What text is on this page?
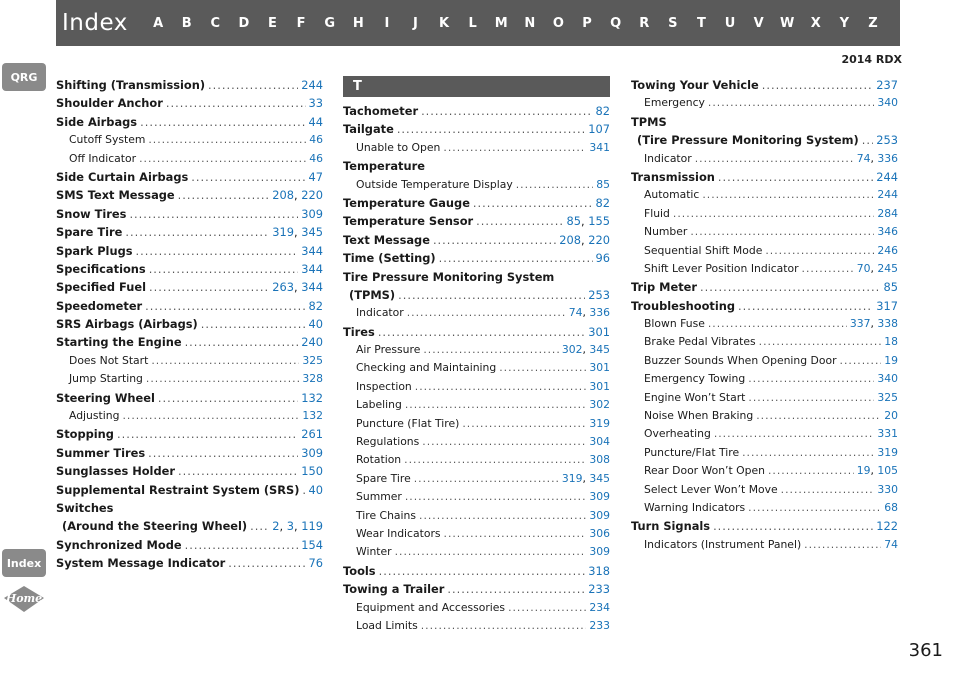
Index	A	B	C	D	E	F	G	H	I	J	K	L	M	N	O	P	Q	R	S	T	U	V	W	X	Y	Z
2014 RDX
QRG
Index
Home
Shifting (Transmission) .....	244
Shoulder Anchor .....	33
Side Airbags .....	44
Cutoff System .....	46
Off Indicator .....	46
Side Curtain Airbags .....	47
SMS Text Message .....	208, 220
Snow Tires .....	309
Spare Tire .....	319, 345
Spark Plugs .....	344
Specifications .....	344
Specified Fuel .....	263, 344
Speedometer .....	82
SRS Airbags (Airbags) .....	40
Starting the Engine .....	240
Does Not Start .....	325
Jump Starting .....	328
Steering Wheel .....	132
Adjusting .....	132
Stopping .....	261
Summer Tires .....	309
Sunglasses Holder .....	150
Supplemental Restraint System (SRS) ..... 40
Switches
(Around the Steering Wheel) ..... 2, 3, 119
Synchronized Mode .....	154
System Message Indicator .....	76
T
Tachometer .....	82
Tailgate .....	107
Unable to Open .....	341
Temperature
Outside Temperature Display .....	85
Temperature Gauge .....	82
Temperature Sensor .....	85, 155
Text Message .....	208, 220
Time (Setting) .....	96
Tire Pressure Monitoring System
(TPMS) .....	253
Indicator .....	74, 336
Tires .....	301
Air Pressure .....	302, 345
Checking and Maintaining .....	301
Inspection .....	301
Labeling .....	302
Puncture (Flat Tire) .....	319
Regulations .....	304
Rotation .....	308
Spare Tire .....	319, 345
Summer .....	309
Tire Chains .....	309
Wear Indicators .....	306
Winter .....	309
Tools .....	318
Towing a Trailer .....	233
Equipment and Accessories .....	234
Load Limits .....	233
Towing Your Vehicle .....	237
Emergency .....	340
TPMS
(Tire Pressure Monitoring System) ..... 253
Indicator .....	74, 336
Transmission .....	244
Automatic .....	244
Fluid .....	284
Number .....	346
Sequential Shift Mode .....	246
Shift Lever Position Indicator .....	70, 245
Trip Meter .....	85
Troubleshooting .....	317
Blown Fuse .....	337, 338
Brake Pedal Vibrates .....	18
Buzzer Sounds When Opening Door .....	19
Emergency Towing .....	340
Engine Won’t Start .....	325
Noise When Braking .....	20
Overheating .....	331
Puncture/Flat Tire .....	319
Rear Door Won’t Open .....	19, 105
Select Lever Won’t Move .....	330
Warning Indicators .....	68
Turn Signals .....	122
Indicators (Instrument Panel) .....	74
361
